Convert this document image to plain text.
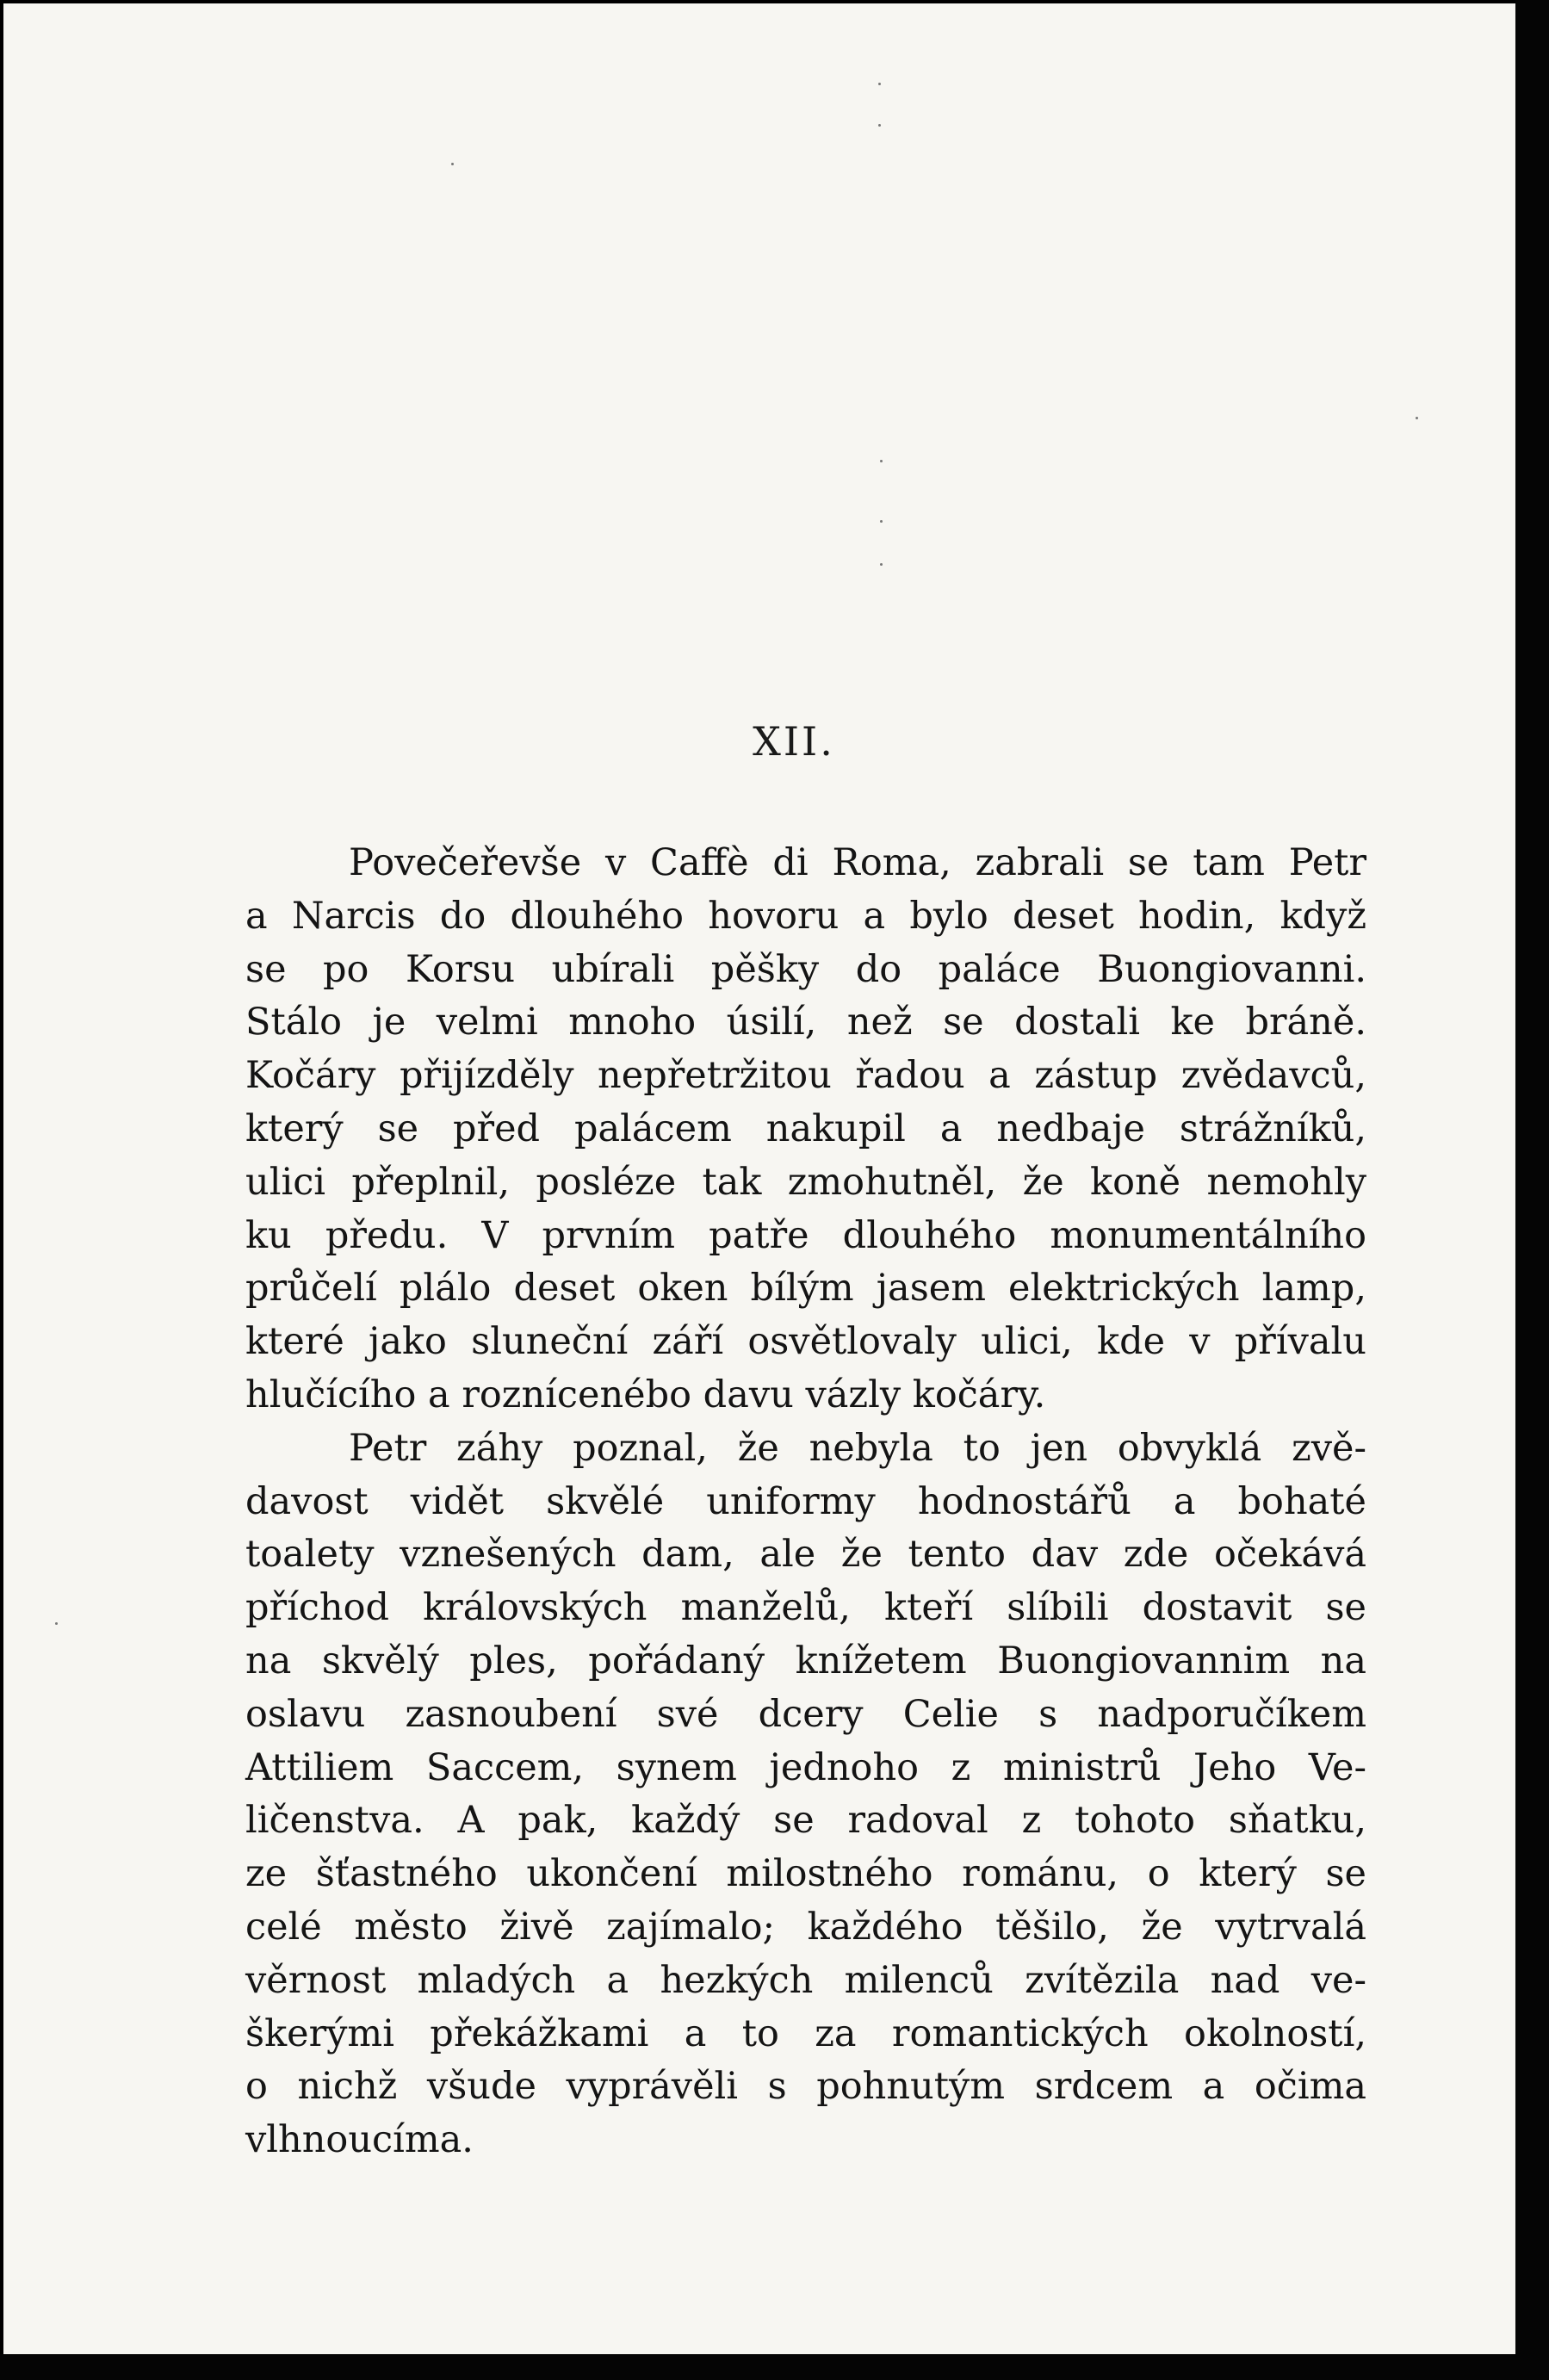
XII.
Povečeřevše v Caffè di Roma, zabrali se tam Petr
a Narcis do dlouhého hovoru a bylo deset hodin, když
se po Korsu ubírali pěšky do paláce Buongiovanni.
Stálo je velmi mnoho úsilí, než se dostali ke bráně.
Kočáry přijízděly nepřetržitou řadou a zástup zvědavců,
který se před palácem nakupil a nedbaje strážníků,
ulici přeplnil, posléze tak zmohutněl, že koně nemohly
ku předu. V prvním patře dlouhého monumentálního
průčelí plálo deset oken bílým jasem elektrických lamp,
které jako sluneční září osvětlovaly ulici, kde v přívalu
hlučícího a roznícenébo davu vázly kočáry.
Petr záhy poznal, že nebyla to jen obvyklá zvě-
davost vidět skvělé uniformy hodnostářů a bohaté
toalety vznešených dam, ale že tento dav zde očekává
příchod královských manželů, kteří slíbili dostavit se
na skvělý ples, pořádaný knížetem Buongiovannim na
oslavu zasnoubení své dcery Celie s nadporučíkem
Attiliem Saccem, synem jednoho z ministrů Jeho Ve-
ličenstva. A pak, každý se radoval z tohoto sňatku,
ze šťastného ukončení milostného románu, o který se
celé město živě zajímalo; každého těšilo, že vytrvalá
věrnost mladých a hezkých milenců zvítězila nad ve-
škerými překážkami a to za romantických okolností,
o nichž všude vyprávěli s pohnutým srdcem a očima
vlhnoucíma.
